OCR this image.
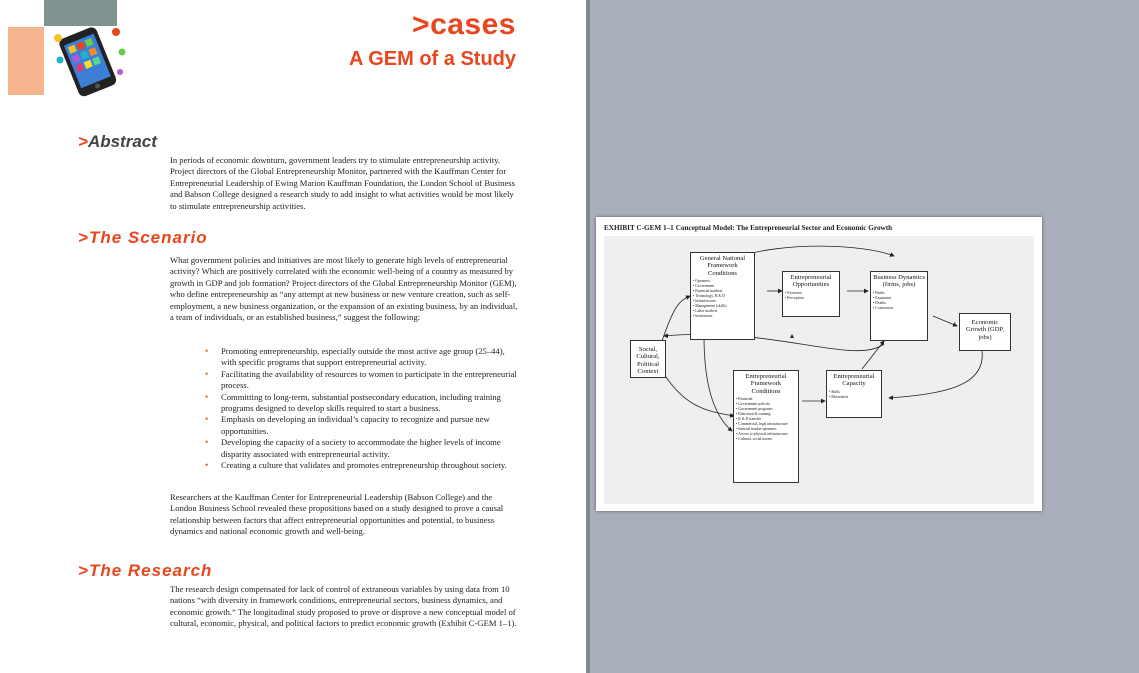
>cases
A GEM of a Study
>Abstract
In periods of economic downturn, government leaders try to stimulate entrepreneurship activity. Project directors of the Global Entrepreneurship Monitor, partnered with the Kauffman Center for Entrepreneurial Leadership of Ewing Marion Kauffman Foundation, the London School of Business and Babson College designed a research study to add insight to what activities would be most likely to stimulate entrepreneurship activities.
>The Scenario
What government policies and initiatives are most likely to generate high levels of entrepreneurial activity? Which are positively correlated with the economic well-being of a country as measured by growth in GDP and job formation? Project directors of the Global Entrepreneurship Monitor (GEM), who define entrepreneurship as “any attempt at new business or new venture creation, such as self-employment, a new business organization, or the expansion of an existing business, by an individual, a team of individuals, or an established business,” suggest the following:
• Promoting entrepreneurship, especially outside the most active age group (25–44), with specific programs that support entrepreneurial activity.
• Facilitating the availability of resources to women to participate in the entrepreneurial process.
• Committing to long-term, substantial postsecondary education, including training programs designed to develop skills required to start a business.
• Emphasis on developing an individual’s capacity to recognize and pursue new opportunities.
• Developing the capacity of a society to accommodate the higher levels of income disparity associated with entrepreneurial activity.
• Creating a culture that validates and promotes entrepreneurship throughout society.
Researchers at the Kauffman Center for Entrepreneurial Leadership (Babson College) and the London Business School revealed these propositions based on a study designed to prove a causal relationship between factors that affect entrepreneurial opportunities and potential, to business dynamics and national economic growth and well-being.
>The Research
The research design compensated for lack of control of extraneous variables by using data from 10 nations “with diversity in framework conditions, entrepreneurial sectors, business dynamics, and economic growth.” The longitudinal study proposed to prove or disprove a new conceptual model of cultural, economic, physical, and political factors to predict economic growth (Exhibit C-GEM 1–1).
EXHIBIT C-GEM 1–1 Conceptual Model: The Entrepreneurial Sector and Economic Growth
Social, Cultural, Political Context
General National Framework Conditions
• Openness
• Government
• Financial markets
• Technology, R & D
• Infrastructure
• Management (skills)
• Labor markets
• Institutions
Entrepreneurial Opportunities
• Existence
• Perception
Business Dynamics (firms, jobs)
• Births
• Expansion
• Deaths
• Contraction
Economic Growth (GDP, jobs)
Entrepreneurial Framework Conditions
• Financial
• Government policies
• Government programs
• Education & training
• R & D transfer
• Commercial, legal infrastructure
• Internal market openness
• Access to physical infrastructure
• Cultural, social norms
Entrepreneurial Capacity
• Skills
• Motivation
